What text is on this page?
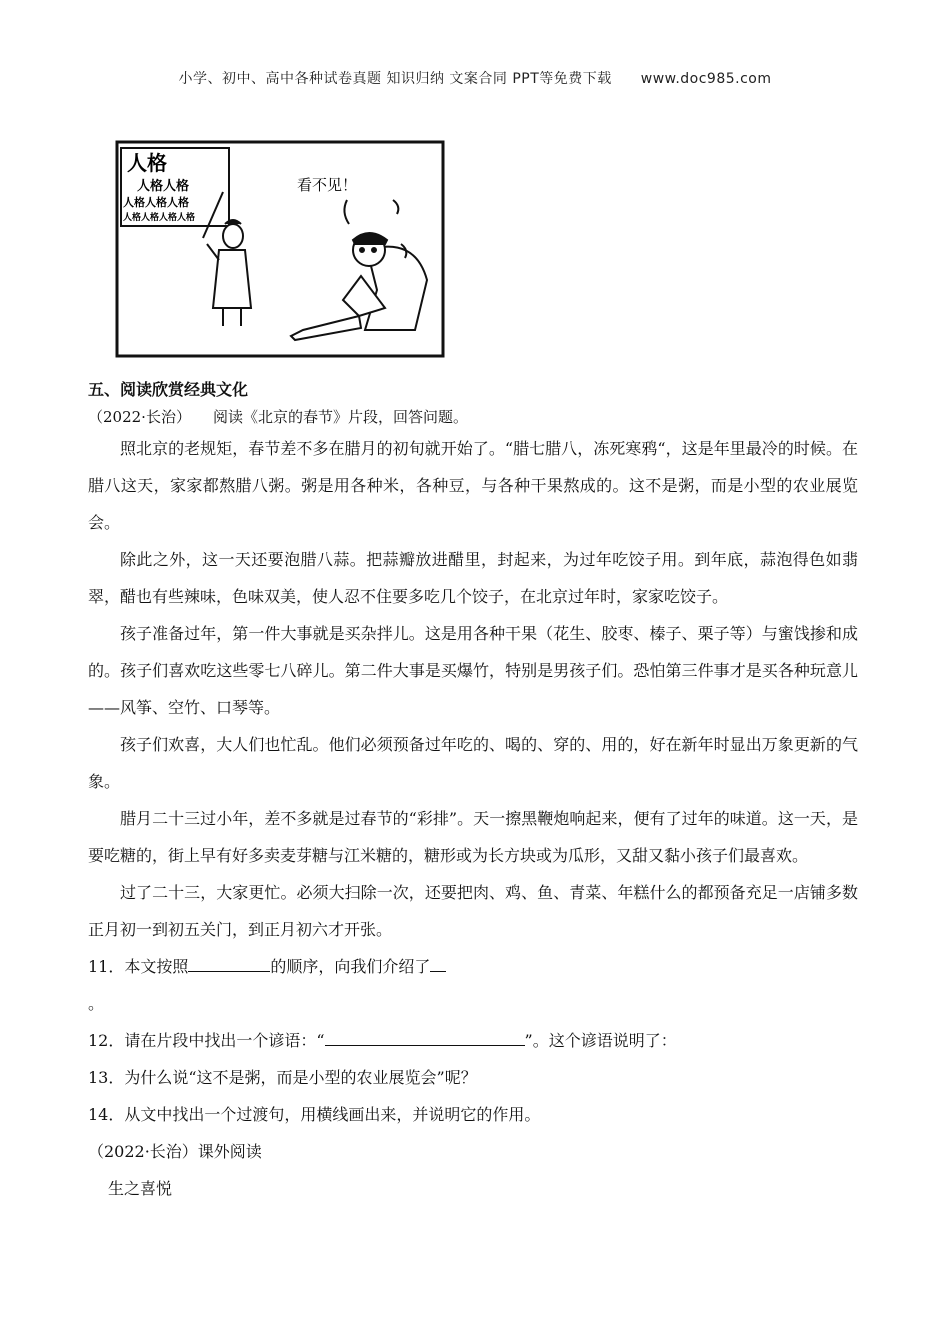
小学、初中、高中各种试卷真题 知识归纳 文案合同 PPT等免费下载 www.doc985.com
人格
人格人格
人格人格人格
人格人格人格人格
看不见！

五、阅读欣赏经典文化

（2022·长治） 阅读《北京的春节》片段，回答问题。

照北京的老规矩，春节差不多在腊月的初旬就开始了。“腊七腊八，冻死寒鸦“，这是年里最冷的时候。在腊八这天，家家都熬腊八粥。粥是用各种米，各种豆，与各种干果熬成的。这不是粥，而是小型的农业展览会。

除此之外，这一天还要泡腊八蒜。把蒜瓣放进醋里，封起来，为过年吃饺子用。到年底，蒜泡得色如翡翠，醋也有些辣味，色味双美，使人忍不住要多吃几个饺子，在北京过年时，家家吃饺子。

孩子准备过年，第一件大事就是买杂拌儿。这是用各种干果（花生、胶枣、榛子、栗子等）与蜜饯掺和成的。孩子们喜欢吃这些零七八碎儿。第二件大事是买爆竹，特别是男孩子们。恐怕第三件事才是买各种玩意儿——风筝、空竹、口琴等。

孩子们欢喜，大人们也忙乱。他们必须预备过年吃的、喝的、穿的、用的，好在新年时显出万象更新的气象。

腊月二十三过小年，差不多就是过春节的“彩排”。天一擦黑鞭炮响起来，便有了过年的味道。这一天，是要吃糖的，街上早有好多卖麦芽糖与江米糖的，糖形或为长方块或为瓜形，又甜又黏小孩子们最喜欢。

过了二十三，大家更忙。必须大扫除一次，还要把肉、鸡、鱼、青菜、年糕什么的都预备充足一店铺多数正月初一到初五关门，到正月初六才开张。

11．本文按照	的顺序，向我们介绍了

。

12．请在片段中找出一个谚语：“	”。这个谚语说明了：

13．为什么说“这不是粥，而是小型的农业展览会”呢？

14．从文中找出一个过渡句，用横线画出来，并说明它的作用。

（2022·长治）课外阅读

生之喜悦
